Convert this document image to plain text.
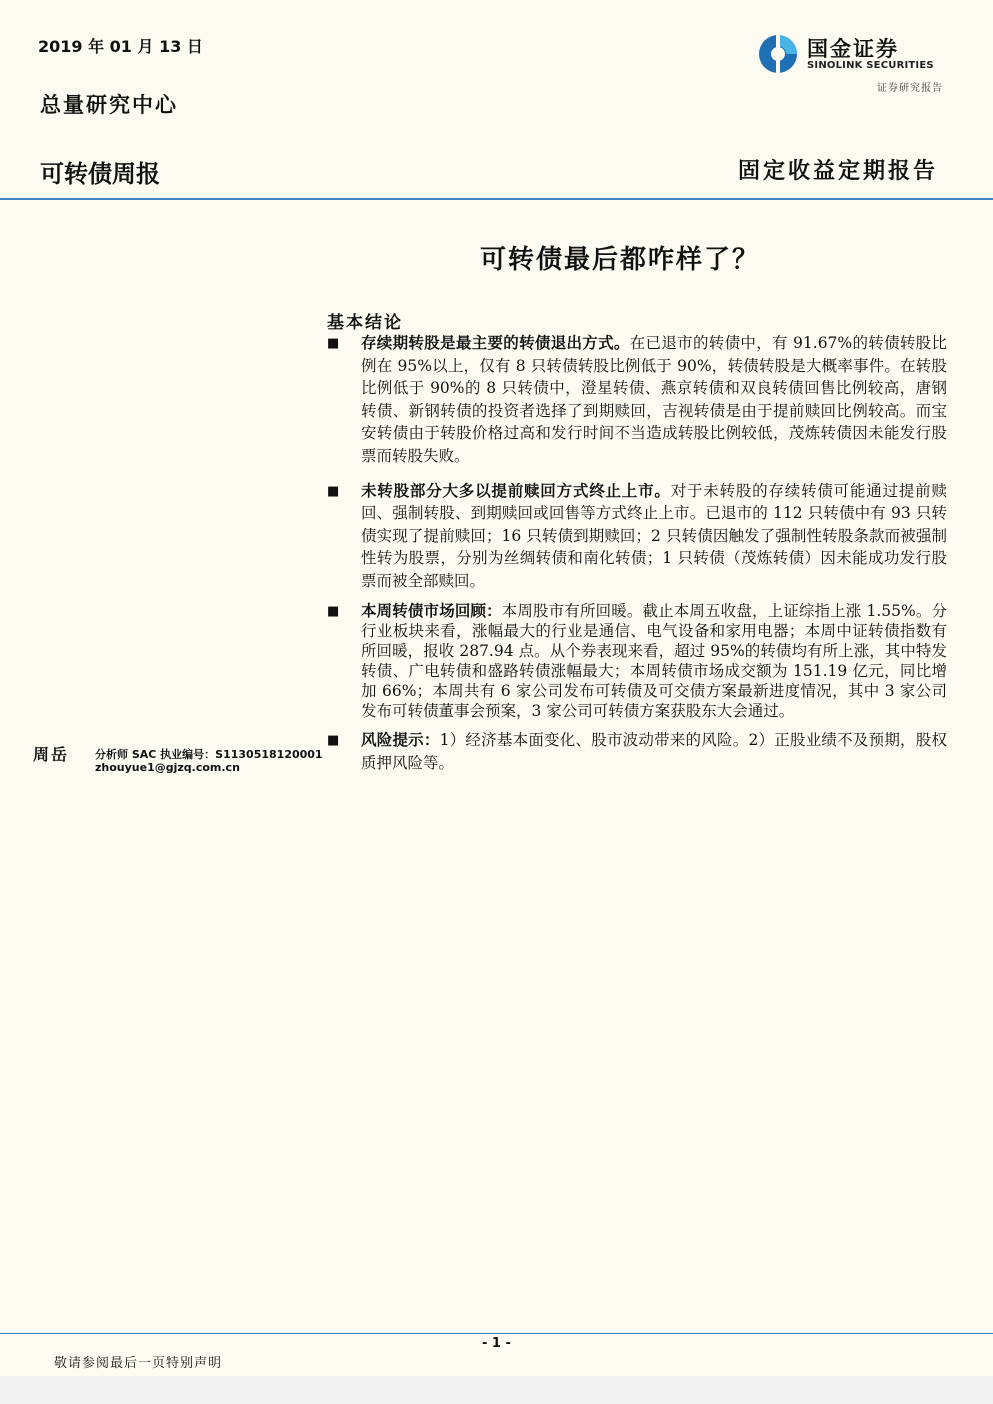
2019 年 01 月 13 日
总量研究中心
可转债周报	固定收益定期报告
国金证券
SINOLINK SECURITIES
证券研究报告
可转债最后都咋样了？
基本结论
■	存续期转股是最主要的转债退出方式。在已退市的转债中，有 91.67%的转债转股比例在 95%以上，仅有 8 只转债转股比例低于 90%，转债转股是大概率事件。在转股比例低于 90%的 8 只转债中，澄星转债、燕京转债和双良转债回售比例较高，唐钢转债、新钢转债的投资者选择了到期赎回，吉视转债是由于提前赎回比例较高。而宝安转债由于转股价格过高和发行时间不当造成转股比例较低，茂炼转债因未能发行股票而转股失败。
■	未转股部分大多以提前赎回方式终止上市。对于未转股的存续转债可能通过提前赎回、强制转股、到期赎回或回售等方式终止上市。已退市的 112 只转债中有 93 只转债实现了提前赎回；16 只转债到期赎回；2 只转债因触发了强制性转股条款而被强制性转为股票，分别为丝绸转债和南化转债；1 只转债（茂炼转债）因未能成功发行股票而被全部赎回。
■	本周转债市场回顾：本周股市有所回暖。截止本周五收盘，上证综指上涨 1.55%。分行业板块来看，涨幅最大的行业是通信、电气设备和家用电器；本周中证转债指数有所回暖，报收 287.94 点。从个券表现来看，超过 95%的转债均有所上涨，其中特发转债、广电转债和盛路转债涨幅最大；本周转债市场成交额为 151.19 亿元，同比增加 66%；本周共有 6 家公司发布可转债及可交债方案最新进度情况，其中 3 家公司发布可转债董事会预案，3 家公司可转债方案获股东大会通过。
■	风险提示：1）经济基本面变化、股市波动带来的风险。2）正股业绩不及预期，股权质押风险等。
周岳 分析师 SAC 执业编号：S1130518120001
zhouyue1@gjzq.com.cn
- 1 -
敬请参阅最后一页特别声明
